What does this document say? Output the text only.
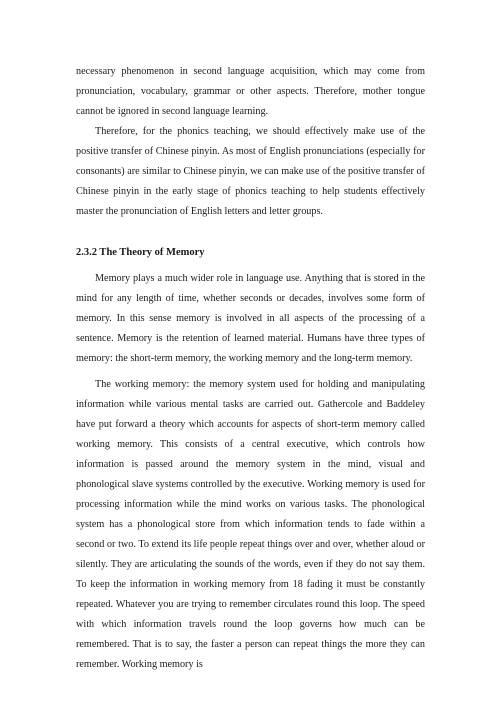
necessary phenomenon in second language acquisition, which may come from pronunciation, vocabulary, grammar or other aspects. Therefore, mother tongue cannot be ignored in second language learning.

Therefore, for the phonics teaching, we should effectively make use of the positive transfer of Chinese pinyin. As most of English pronunciations (especially for consonants) are similar to Chinese pinyin, we can make use of the positive transfer of Chinese pinyin in the early stage of phonics teaching to help students effectively master the pronunciation of English letters and letter groups.

2.3.2 The Theory of Memory

Memory plays a much wider role in language use. Anything that is stored in the mind for any length of time, whether seconds or decades, involves some form of memory. In this sense memory is involved in all aspects of the processing of a sentence. Memory is the retention of learned material. Humans have three types of memory: the short-term memory, the working memory and the long-term memory.

The working memory: the memory system used for holding and manipulating information while various mental tasks are carried out. Gathercole and Baddeley have put forward a theory which accounts for aspects of short-term memory called working memory. This consists of a central executive, which controls how information is passed around the memory system in the mind, visual and phonological slave systems controlled by the executive. Working memory is used for processing information while the mind works on various tasks. The phonological system has a phonological store from which information tends to fade within a second or two. To extend its life people repeat things over and over, whether aloud or silently. They are articulating the sounds of the words, even if they do not say them. To keep the information in working memory from 18 fading it must be constantly repeated. Whatever you are trying to remember circulates round this loop. The speed with which information travels round the loop governs how much can be remembered. That is to say, the faster a person can repeat things the more they can remember. Working memory is
